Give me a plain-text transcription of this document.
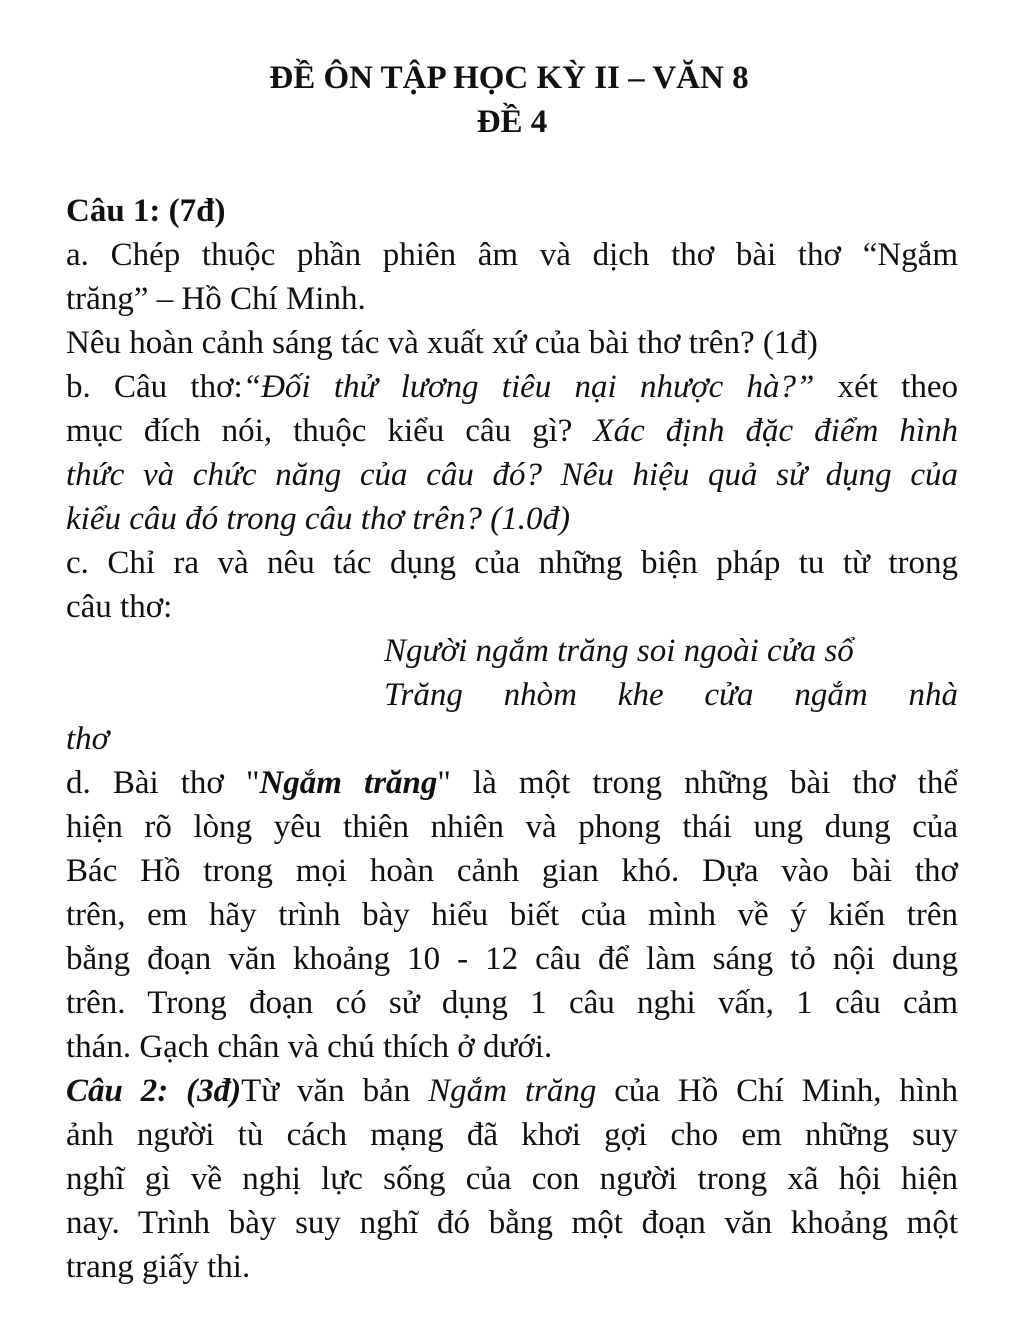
ĐỀ ÔN TẬP HỌC KỲ II – VĂN 8
ĐỀ 4
Câu 1: (7đ)
a. Chép thuộc phần phiên âm và dịch thơ bài thơ “Ngắm
trăng” – Hồ Chí Minh.
Nêu hoàn cảnh sáng tác và xuất xứ của bài thơ trên? (1đ)
b. Câu thơ:“Đối thử lương tiêu nại nhược hà?” xét theo
mục đích nói, thuộc kiểu câu gì? Xác định đặc điểm hình
thức và chức năng của câu đó? Nêu hiệu quả sử dụng của
kiểu câu đó trong câu thơ trên? (1.0đ)
c. Chỉ ra và nêu tác dụng của những biện pháp tu từ trong
câu thơ:
Người ngắm trăng soi ngoài cửa sổ
Trăng nhòm khe cửa ngắm nhà
thơ
d. Bài thơ "Ngắm trăng" là một trong những bài thơ thể
hiện rõ lòng yêu thiên nhiên và phong thái ung dung của
Bác Hồ trong mọi hoàn cảnh gian khó. Dựa vào bài thơ
trên, em hãy trình bày hiểu biết của mình về ý kiến trên
bằng đoạn văn khoảng 10 - 12 câu để làm sáng tỏ nội dung
trên. Trong đoạn có sử dụng 1 câu nghi vấn, 1 câu cảm
thán. Gạch chân và chú thích ở dưới.
Câu 2: (3đ)Từ văn bản Ngắm trăng của Hồ Chí Minh, hình
ảnh người tù cách mạng đã khơi gợi cho em những suy
nghĩ gì về nghị lực sống của con người trong xã hội hiện
nay. Trình bày suy nghĩ đó bằng một đoạn văn khoảng một
trang giấy thi.
